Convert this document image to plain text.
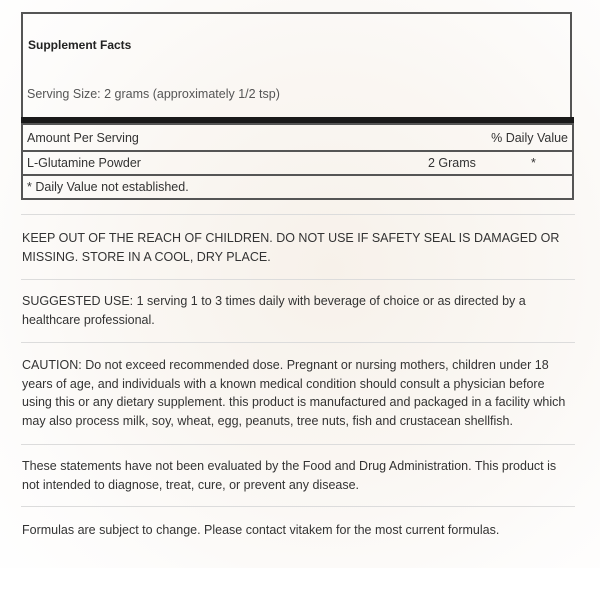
Supplement Facts
Serving Size: 2 grams (approximately 1/2 tsp)
Amount Per Serving	% Daily Value

L-Glutamine Powder	2 Grams	*

* Daily Value not established.
KEEP OUT OF THE REACH OF CHILDREN. DO NOT USE IF SAFETY SEAL IS DAMAGED OR MISSING. STORE IN A COOL, DRY PLACE.
SUGGESTED USE: 1 serving 1 to 3 times daily with beverage of choice or as directed by a healthcare professional.
CAUTION: Do not exceed recommended dose. Pregnant or nursing mothers, children under 18 years of age, and individuals with a known medical condition should consult a physician before using this or any dietary supplement. this product is manufactured and packaged in a facility which may also process milk, soy, wheat, egg, peanuts, tree nuts, fish and crustacean shellfish.
These statements have not been evaluated by the Food and Drug Administration. This product is not intended to diagnose, treat, cure, or prevent any disease.
Formulas are subject to change. Please contact vitakem for the most current formulas.
